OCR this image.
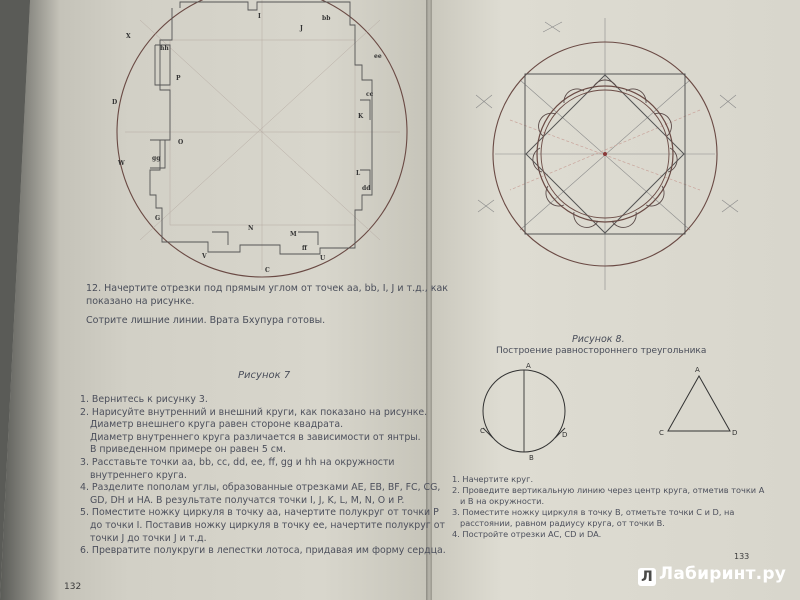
I	bb
J
X
hh
P
D
W
gg
O
G
N
V
C
M
U
ff
L
dd
K
cc
ee
A
B
C	D
A
C	D
12. Начертите отрезки под прямым углом от точек aa, bb, I, J и т.д., как
показано на рисунке.
Сотрите лишние линии. Врата Бхупура готовы.
Рисунок 7
1. Вернитесь к рисунку 3.
2. Нарисуйте внутренний и внешний круги, как показано на рисунке.
Диаметр внешнего круга равен стороне квадрата.
Диаметр внутреннего круга различается в зависимости от янтры.
В приведенном примере он равен 5 см.
3. Расставьте точки aa, bb, cc, dd, ee, ff, gg и hh на окружности
внутреннего круга.
4. Разделите пополам углы, образованные отрезками AE, EB, BF, FC, CG,
GD, DH и HA. В результате получатся точки I, J, K, L, M, N, O и P.
5. Поместите ножку циркуля в точку aa, начертите полукруг от точки P
до точки I. Поставив ножку циркуля в точку ee, начертите полукруг от
точки J до точки J и т.д.
6. Превратите полукруги в лепестки лотоса, придавая им форму сердца.
132
Рисунок 8.
Построение равностороннего треугольника
1. Начертите круг.
2. Проведите вертикальную линию через центр круга, отметив точки A
и B на окружности.
3. Поместите ножку циркуля в точку B, отметьте точки C и D, на
расстоянии, равном радиусу круга, от точки B.
4. Постройте отрезки AC, CD и DA.
133
Л Лабиринт.ру
